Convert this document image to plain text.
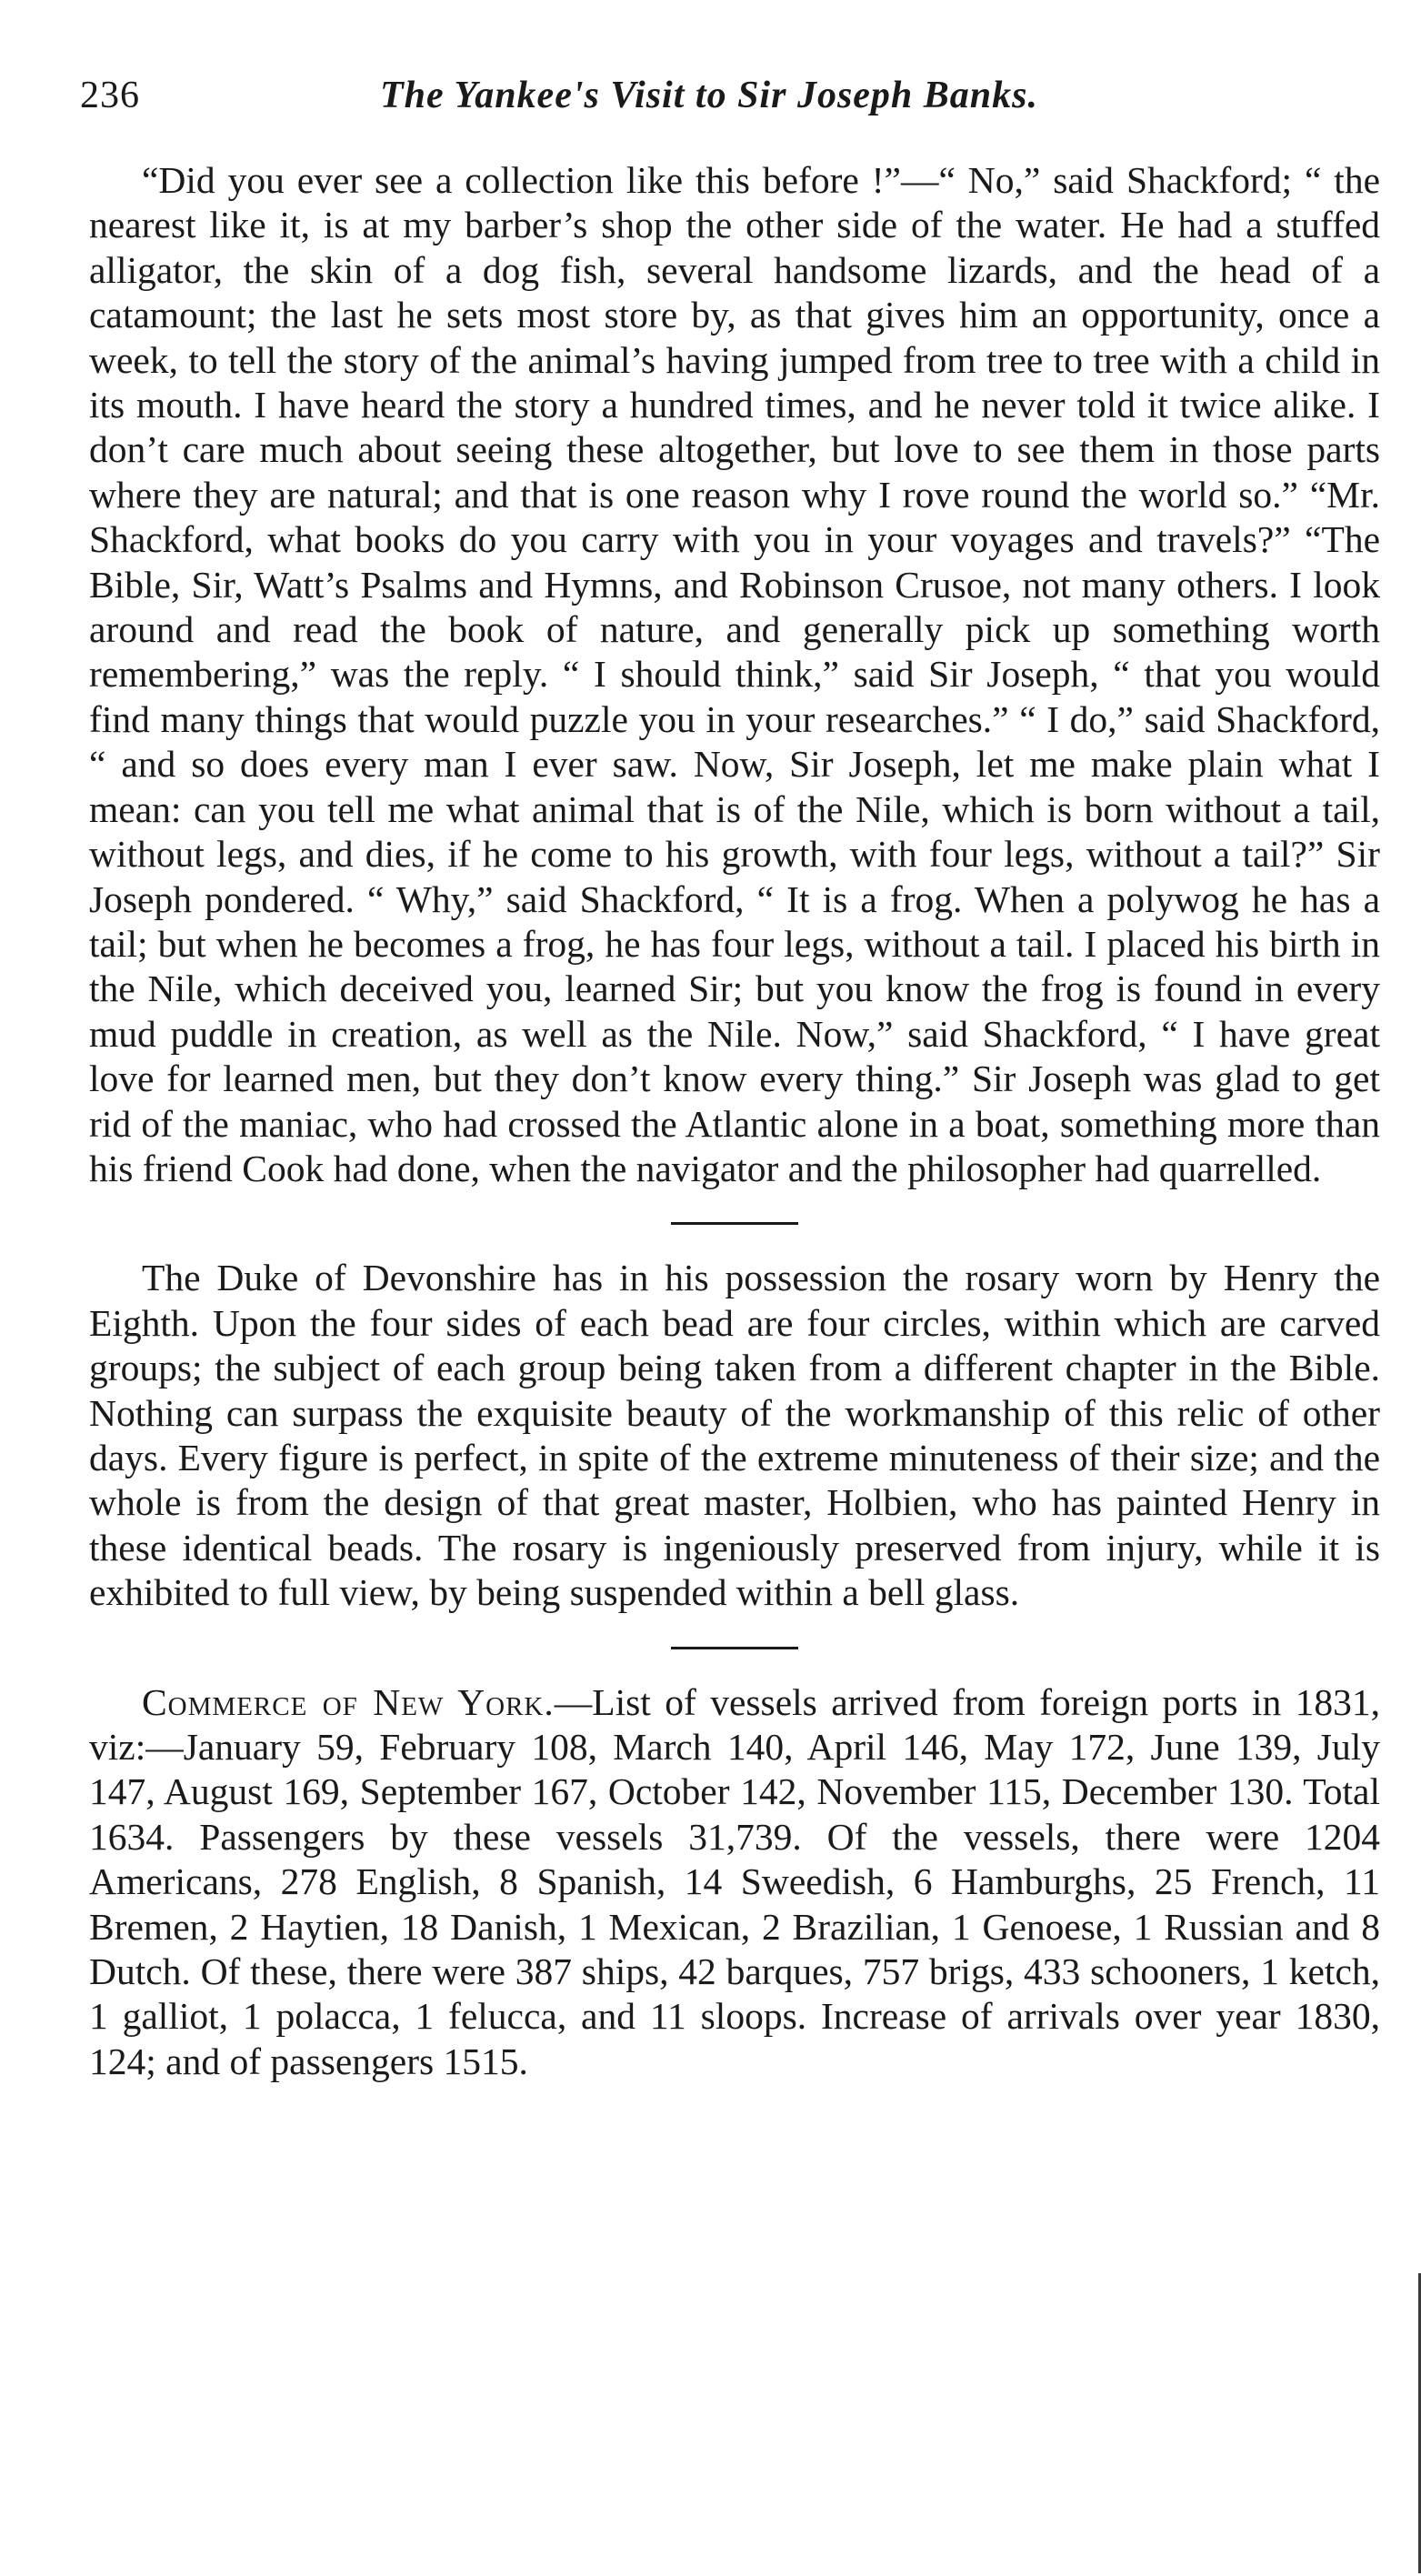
236	The Yankee's Visit to Sir Joseph Banks.

“Did you ever see a collection like this before !”—“ No,” said Shackford; “ the nearest like it, is at my barber’s shop the other side of the water. He had a stuffed alligator, the skin of a dog fish, several handsome lizards, and the head of a catamount; the last he sets most store by, as that gives him an opportunity, once a week, to tell the story of the animal’s having jumped from tree to tree with a child in its mouth. I have heard the story a hundred times, and he never told it twice alike. I don’t care much about seeing these altogether, but love to see them in those parts where they are natural; and that is one reason why I rove round the world so.” “Mr. Shackford, what books do you carry with you in your voyages and travels?” “The Bible, Sir, Watt’s Psalms and Hymns, and Robinson Crusoe, not many others. I look around and read the book of nature, and generally pick up something worth remembering,” was the reply. “ I should think,” said Sir Joseph, “ that you would find many things that would puzzle you in your researches.” “ I do,” said Shackford, “ and so does every man I ever saw. Now, Sir Joseph, let me make plain what I mean: can you tell me what animal that is of the Nile, which is born without a tail, without legs, and dies, if he come to his growth, with four legs, without a tail?” Sir Joseph pondered. “ Why,” said Shackford, “ It is a frog. When a polywog he has a tail; but when he becomes a frog, he has four legs, without a tail. I placed his birth in the Nile, which deceived you, learned Sir; but you know the frog is found in every mud puddle in creation, as well as the Nile. Now,” said Shackford, “ I have great love for learned men, but they don’t know every thing.” Sir Joseph was glad to get rid of the maniac, who had crossed the Atlantic alone in a boat, something more than his friend Cook had done, when the navigator and the philosopher had quarrelled.

The Duke of Devonshire has in his possession the rosary worn by Henry the Eighth. Upon the four sides of each bead are four circles, within which are carved groups; the subject of each group being taken from a different chapter in the Bible. Nothing can surpass the exquisite beauty of the workmanship of this relic of other days. Every figure is perfect, in spite of the extreme minuteness of their size; and the whole is from the design of that great master, Holbien, who has painted Henry in these identical beads. The rosary is ingeniously preserved from injury, while it is exhibited to full view, by being suspended within a bell glass.

Commerce of New York.—List of vessels arrived from foreign ports in 1831, viz:—January 59, February 108, March 140, April 146, May 172, June 139, July 147, August 169, September 167, October 142, November 115, December 130. Total 1634. Passengers by these vessels 31,739. Of the vessels, there were 1204 Americans, 278 English, 8 Spanish, 14 Sweedish, 6 Hamburghs, 25 French, 11 Bremen, 2 Haytien, 18 Danish, 1 Mexican, 2 Brazilian, 1 Genoese, 1 Russian and 8 Dutch. Of these, there were 387 ships, 42 barques, 757 brigs, 433 schooners, 1 ketch, 1 galliot, 1 polacca, 1 felucca, and 11 sloops. Increase of arrivals over year 1830, 124; and of passengers 1515.
